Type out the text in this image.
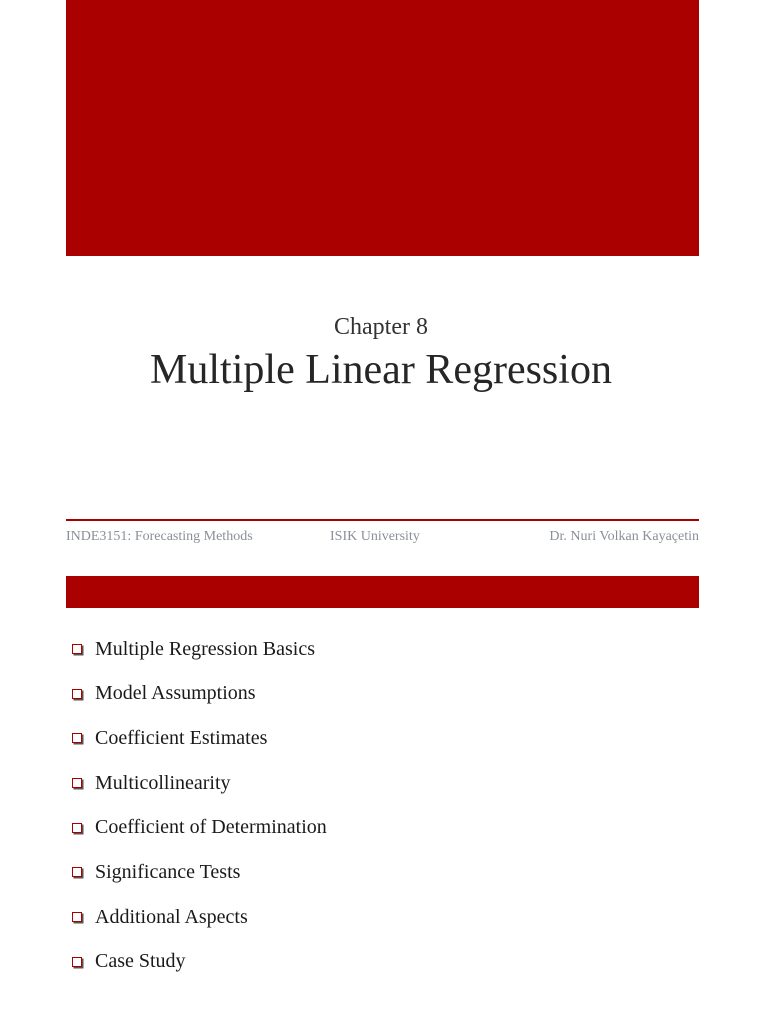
Chapter 8
Multiple Linear Regression
INDE3151: Forecasting Methods	ISIK University	Dr. Nuri Volkan Kayaçetin
Multiple Regression Basics
Model Assumptions
Coefficient Estimates
Multicollinearity
Coefficient of Determination
Significance Tests
Additional Aspects
Case Study
